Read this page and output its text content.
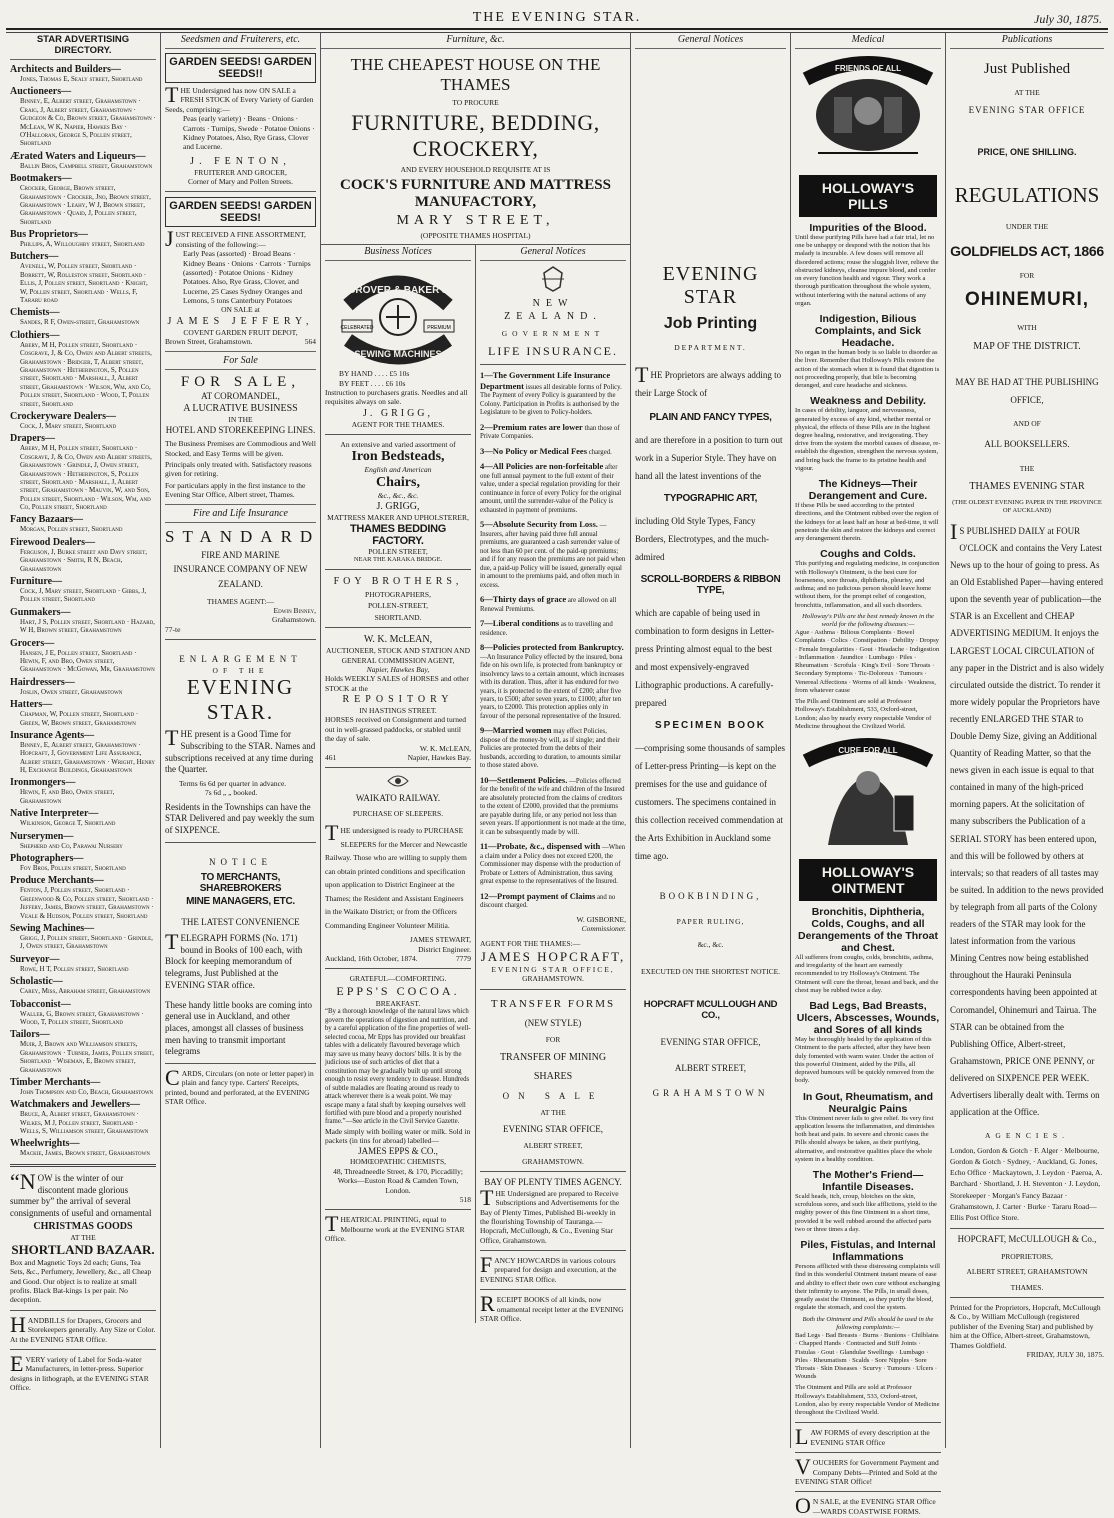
THE EVENING STAR.	July 30, 1875.
STAR ADVERTISING DIRECTORY.
Architects and Builders—
Jones, Thomas E, Sealy street, Shortland
Auctioneers—
Binney, E, Albert street, Grahamstown · Craig, J, Albert street, Grahamstown · Gudgeon & Co, Brown street, Grahamstown · McLean, W K, Napier, Hawkes Bay · O'Halloran, George S, Pollen street, Shortland
Ærated Waters and Liqueurs—
Ballin Bros, Campbell street, Grahamstown
Bootmakers—
Crocker, George, Brown street, Grahamstown · Crocker, Jno, Brown street, Grahamstown · Leahy, W J, Brown street, Grahamstown · Quaid, J, Pollen street, Shortland
Bus Proprietors—
Phillips, A, Willoughby street, Shortland
Butchers—
Avenell, W, Pollen street, Shortland · Borrett, W, Rolleston street, Shortland · Ellis, J, Pollen street, Shortland · Knight, W, Pollen street, Shortland · Wells, F, Tararu road
Chemists—
Sandes, R F, Owen-street, Grahamstown
Clothiers—
Abery, M H, Pollen street, Shortland · Cosgrave, J, & Co, Owen and Albert streets, Grahamstown · Bridger, T, Albert street, Grahamstown · Hetherington, S, Pollen street, Shortland · Marshall, J, Albert street, Grahamstown · Wilson, Wm, and Co, Pollen street, Shortland · Wood, T, Pollen street, Shortland
Crockeryware Dealers—
Cock, J, Mary street, Shortland
Drapers—
Abery, M H, Pollen street, Shortland · Cosgrave, J, & Co, Owen and Albert streets, Grahamstown · Grindle, J, Owen street, Grahamstown · Hetherington, S, Pollen street, Shortland · Marshall, J, Albert street, Grahamstown · Mauvin, W, and Son, Pollen street, Shortland · Wilson, Wm, and Co, Pollen street, Shortland
Fancy Bazaars—
Morgan, Pollen street, Shortland
Firewood Dealers—
Ferguson, J, Burke street and Davy street, Grahamstown · Smith, R N, Beach, Grahamstown
Furniture—
Cock, J, Mary street, Shortland · Gibbs, J, Pollen street, Shortland
Gunmakers—
Hart, J S, Pollen street, Shortland · Hazard, W H, Brown street, Grahamstown
Grocers—
Hansen, J E, Pollen street, Shortland · Hewin, F, and Bro, Owen street, Grahamstown · McGowan, Mr, Grahamstown
Hairdressers—
Joslin, Owen street, Grahamstown
Hatters—
Chapman, W, Pollen street, Shortland · Green, W, Brown street, Grahamstown
Insurance Agents—
Binney, E, Albert street, Grahamstown · Hopcraft, J, Government Life Assurance, Albert street, Grahamstown · Wright, Henry H, Exchange Buildings, Grahamstown
Ironmongers—
Hewin, F, and Bro, Owen street, Grahamstown
Native Interpreter—
Wilkinson, George T, Shortland
Nurserymen—
Shepherd and Co, Parawai Nursery
Photographers—
Foy Bros, Pollen street, Shortland
Produce Merchants—
Fenton, J, Pollen street, Shortland · Greenwood & Co, Pollen street, Shortland · Jeffery, James, Brown street, Grahamstown · Veale & Hudson, Pollen street, Shortland
Sewing Machines—
Grigg, J, Pollen street, Shortland · Grindle, J, Owen street, Grahamstown
Surveyor—
Rowe, H T, Pollen street, Shortland
Scholastic—
Carey, Miss, Abraham street, Grahamstown
Tobacconist—
Waller, G, Brown street, Grahamstown · Wood, T, Pollen street, Shortland
Tailors—
Muir, J, Brown and Williamson streets, Grahamstown · Turner, James, Pollen street, Shortland · Wiseman, E, Brown street, Grahamstown
Timber Merchants—
John Thompson and Co, Beach, Grahamstown
Watchmakers and Jewellers—
Bruce, A, Albert street, Grahamstown · Wilkes, M J, Pollen street, Shortland · Wells, S, Williamson street, Grahamstown
Wheelwrights—
Mackie, James, Brown street, Grahamstown
“NOW is the winter of our discontent made glorious summer by” the arrival of several consignments of useful and ornamental
CHRISTMAS GOODS
AT THE
SHORTLAND BAZAAR.
Box and Magnetic Toys 2d each; Guns, Tea Sets, &c., Perfumery, Jewellery, &c., all Cheap and Good. Our object is to realize at small profits. Black Bat-kings 1s per pair. No deception.
HANDBILLS for Drapers, Grocers and Storekeepers generally. Any Size or Color. At the EVENING STAR Office.
EVERY variety of Label for Soda-water Manufacturers, in letter-press. Superior designs in lithograph, at the EVENING STAR Office.
Seedsmen and Fruiterers, etc.
GARDEN SEEDS! GARDEN SEEDS!!
THE Undersigned has now ON SALE a FRESH STOCK of Every Variety of Garden Seeds, comprising:—
Peas (early variety) · Beans · Onions · Carrots · Turnips, Swede · Potatoe Onions · Kidney Potatoes, Also, Rye Grass, Clover and Lucerne.
J. FENTON,
FRUITERER AND GROCER,
Corner of Mary and Pollen Streets.
GARDEN SEEDS! GARDEN SEEDS!
JUST RECEIVED A FINE ASSORTMENT, consisting of the following:—
Early Peas (assorted) · Broad Beans · Kidney Beans · Onions · Carrots · Turnips (assorted) · Potatoe Onions · Kidney Potatoes. Also, Rye Grass, Clover, and Lucerne, 25 Cases Sydney Oranges and Lemons, 5 tons Canterbury Potatoes
ON SALE at
JAMES JEFFERY,
COVENT GARDEN FRUIT DEPOT,
Brown Street, Grahamstown.	564
For Sale
FOR SALE,
AT COROMANDEL,
A LUCRATIVE BUSINESS
IN THE
HOTEL AND STOREKEEPING LINES.
The Business Premises are Commodious and Well Stocked, and Easy Terms will be given.
Principals only treated with. Satisfactory reasons given for retiring.
For particulars apply in the first instance to the Evening Star Office, Albert street, Thames.
Fire and Life Insurance
STANDARD
FIRE AND MARINE
INSURANCE COMPANY OF NEW
ZEALAND.
THAMES AGENT:—
Edwin Binney,
Grahamstown.
77-te
ENLARGEMENT
OF THE
EVENING STAR.
THE present is a Good Time for Subscribing to the STAR. Names and subscriptions received at any time during the Quarter.
Terms 6s 6d per quarter in advance.
7s 6d „ „ booked.
Residents in the Townships can have the STAR Delivered and pay weekly the sum of SIXPENCE.
NOTICE
TO MERCHANTS, SHAREBROKERS
MINE MANAGERS, ETC.
THE LATEST CONVENIENCE
TELEGRAPH FORMS (No. 171) bound in Books of 100 each, with Block for keeping memorandum of telegrams, Just Published at the EVENING STAR office.
These handy little books are coming into general use in Auckland, and other places, amongst all classes of business men having to transmit important telegrams
CARDS, Circulars (on note or letter paper) in plain and fancy type. Carters' Receipts, printed, bound and perforated, at the EVENING STAR Office.
Furniture, &c.
THE CHEAPEST HOUSE ON THE THAMES
TO PROCURE
FURNITURE, BEDDING, CROCKERY,
AND EVERY HOUSEHOLD REQUISITE AT IS
COCK'S FURNITURE AND MATTRESS
MANUFACTORY,
MARY STREET,
(OPPOSITE THAMES HOSPITAL)
Business Notices
GROVER & BAKER'S
CELEBRATED	PREMIUM
SEWING MACHINES
BY HAND . . . . £5 10s
BY FEET . . . . £6 10s
Instruction to purchasers gratis. Needles and all requisites always on sale.
J. GRIGG,
AGENT FOR THE THAMES.
An extensive and varied assortment of
Iron Bedsteads,
English and American
Chairs,
&c., &c., &c.
J. GRIGG,
MATTRESS MAKER AND UPHOLSTERER,
THAMES BEDDING FACTORY.
POLLEN STREET,
NEAR THE KARAKA BRIDGE.
FOY BROTHERS,
PHOTOGRAPHERS,
POLLEN-STREET,
SHORTLAND.
W. K. McLEAN,
AUCTIONEER, STOCK AND STATION AND GENERAL COMMISSION AGENT,
Napier, Hawkes Bay,
Holds WEEKLY SALES of HORSES and other STOCK at the
REPOSITORY
IN HASTINGS STREET.
HORSES received on Consignment and turned out in well-grassed paddocks, or stabled until the day of sale.
W. K. McLEAN,
461	Napier, Hawkes Bay.
WAIKATO RAILWAY.
PURCHASE OF SLEEPERS.
THE undersigned is ready to PURCHASE SLEEPERS for the Mercer and Newcastle Railway. Those who are willing to supply them can obtain printed conditions and specification upon application to District Engineer at the Thames; the Resident and Assistant Engineers in the Waikato District; or from the Officers Commanding Engineer Volunteer Militia.
JAMES STEWART,
District Engineer.
Auckland, 16th October, 1874.	7779
GRATEFUL—COMFORTING.
EPPS'S COCOA.
BREAKFAST.
“By a thorough knowledge of the natural laws which govern the operations of digestion and nutrition, and by a careful application of the fine properties of well-selected cocoa, Mr Epps has provided our breakfast tables with a delicately flavoured beverage which may save us many heavy doctors' bills. It is by the judicious use of such articles of diet that a constitution may be gradually built up until strong enough to resist every tendency to disease. Hundreds of subtle maladies are floating around us ready to attack wherever there is a weak point. We may escape many a fatal shaft by keeping ourselves well fortified with pure blood and a properly nourished frame.”—See article in the Civil Service Gazette.
Made simply with boiling water or milk. Sold in packets (in tins for abroad) labelled—
JAMES EPPS & CO.,
HOMŒOPATHIC CHEMISTS,
48, Threadneedle Street, & 170, Piccadilly; Works—Euston Road & Camden Town, London.
518
THEATRICAL PRINTING, equal to Melbourne work at the EVENING STAR Office.
General Notices
NEW ZEALAND.
GOVERNMENT
LIFE INSURANCE.
1—The Government Life Insurance Department issues all desirable forms of Policy. The Payment of every Policy is guaranteed by the Colony. Participation in Profits is authorised by the Legislature to be given to Policy-holders.
2—Premium rates are lower than those of Private Companies.
3—No Policy or Medical Fees charged.
4—All Policies are non-forfeitable after one full annual payment to the full extent of their value, under a special regulation providing for their continuance in force of every Policy for the original amount, until the surrender-value of the Policy is exhausted in payment of premiums.
5—Absolute Security from Loss. —Insurers, after having paid three full annual premiums, are guaranteed a cash surrender value of not less than 60 per cent. of the paid-up premiums; and if for any reason the premiums are not paid when due, a paid-up Policy will be issued, generally equal in amount to the premiums paid, and often much in excess.
6—Thirty days of grace are allowed on all Renewal Premiums.
7—Liberal conditions as to travelling and residence.
8—Policies protected from Bankruptcy. —An Insurance Policy effected by the insured, bona fide on his own life, is protected from bankruptcy or insolvency laws to a certain amount, which increases with its duration. Thus, after it has endured for two years, it is protected to the extent of £200; after five years, to £500; after seven years, to £1000; after ten years, to £2000. This protection applies only in favour of the personal representative of the Insured.
9—Married women may effect Policies, dispose of the money-by will, as if single; and their Policies are protected from the debts of their husbands, according to duration, to amounts similar to those stated above.
10—Settlement Policies. —Policies effected for the benefit of the wife and children of the Insured are absolutely protected from the claims of creditors to the extent of £2000, provided that the premiums are payable during life, or any period not less than seven years. If apportionment is not made at the time, it can be subsequently made by will.
11—Probate, &c., dispensed with —When a claim under a Policy does not exceed £200, the Commissioner may dispense with the production of Probate or Letters of Administration, thus saving great expense to the representatives of the Insured.
12—Prompt payment of Claims and no discount charged.
W. GISBORNE,
Commissioner.
AGENT FOR THE THAMES:—
JAMES HOPCRAFT,
EVENING STAR OFFICE,
GRAHAMSTOWN.
TRANSFER FORMS
(NEW STYLE)
FOR
TRANSFER OF MINING
SHARES
ON SALE
AT THE
EVENING STAR OFFICE,
ALBERT STREET,
GRAHAMSTOWN.
BAY OF PLENTY TIMES AGENCY.
THE Undersigned are prepared to Receive Subscriptions and Advertisements for the Bay of Plenty Times, Published Bi-weekly in the flourishing Township of Tauranga.—Hopcraft, McCullough, & Co., Evening Star Office, Grahamstown.
FANCY HOWCARDS in various colours prepared for design and execution, at the EVENING STAR Office.
RECEIPT BOOKS of all kinds, now ornamental receipt letter at the EVENING STAR Office.
General Notices
EVENING STAR
Job Printing
DEPARTMENT.
THE Proprietors are always adding to their Large Stock of
PLAIN AND FANCY TYPES,
and are therefore in a position to turn out work in a Superior Style. They have on hand all the latest inventions of the
TYPOGRAPHIC ART,
including Old Style Types, Fancy Borders, Electrotypes, and the much-admired
SCROLL-BORDERS & RIBBON TYPE,
which are capable of being used in combination to form designs in Letter-press Printing almost equal to the best and most expensively-engraved Lithographic productions. A carefully-prepared
SPECIMEN BOOK
—comprising some thousands of samples of Letter-press Printing—is kept on the premises for the use and guidance of customers. The specimens contained in this collection received commendation at the Arts Exhibition in Auckland some time ago.
BOOKBINDING,
PAPER RULING,
&c., &c.
EXECUTED ON THE SHORTEST NOTICE.
HOPCRAFT MCULLOUGH AND CO.,
EVENING STAR OFFICE,
ALBERT STREET,
GRAHAMSTOWN
Medical
FRIENDS OF ALL
HOLLOWAY'S PILLS
Impurities of the Blood.
Until these purifying Pills have had a fair trial, let no one be unhappy or despond with the notion that his malady is incurable. A few doses will remove all disordered actions; rouse the sluggish liver, relieve the obstructed kidneys, cleanse impure blood, and confer on every function health and vigour. They work a thorough purification throughout the whole system, without interfering with the natural actions of any organ.
Indigestion, Bilious Complaints, and Sick Headache.
No organ in the human body is so liable to disorder as the liver. Remember that Holloway's Pills restore the action of the stomach when it is found that digestion is not proceeding properly, that bile is becoming deranged, and cure headache and sickness.
Weakness and Debility.
In cases of debility, languor, and nervousness, generated by excess of any kind, whether mental or physical, the effects of these Pills are in the highest degree healing, restorative, and invigorating. They drive from the system the morbid causes of disease, re-establish the digestion, strengthen the nervous system, and bring back the frame to its pristine health and vigour.
The Kidneys—Their Derangement and Cure.
If these Pills be used according to the printed directions, and the Ointment rubbed over the region of the kidneys for at least half an hour at bed-time, it will penetrate the skin and restore the kidneys and correct any derangement therein.
Coughs and Colds.
This purifying and regulating medicine, in conjunction with Holloway's Ointment, is the best cure for hoarseness, sore throats, diphtheria, pleurisy, and asthma; and no judicious person should leave home without them, for the prompt relief of congestion, bronchitis, inflammation, and all such disorders.
Holloway's Pills are the best remedy known in the world for the following diseases:—
Ague · Asthma · Bilious Complaints · Bowel Complaints · Colics · Constipation · Debility · Dropsy · Female Irregularities · Gout · Headache · Indigestion · Inflammation · Jaundice · Lumbago · Piles · Rheumatism · Scrofula · King's Evil · Sore Throats · Secondary Symptoms · Tic-Doloreux · Tumours · Venereal Affections · Worms of all kinds · Weakness, from whatever cause
The Pills and Ointment are sold at Professor Holloway's Establishment, 533, Oxford-street, London; also by nearly every respectable Vendor of Medicine throughout the Civilized World.
CURE FOR ALL
HOLLOWAY'S OINTMENT
Bronchitis, Diphtheria, Colds, Coughs, and all Derangements of the Throat and Chest.
All sufferers from coughs, colds, bronchitis, asthma, and irregularity of the heart are earnestly recommended to try Holloway's Ointment. The Ointment will cure the throat, breast and back, and the chest may be rubbed twice a day.
Bad Legs, Bad Breasts, Ulcers, Abscesses, Wounds, and Sores of all kinds
May be thoroughly healed by the application of this Ointment to the parts affected, after they have been duly fomented with warm water. Under the action of this powerful Ointment, aided by the Pills, all depraved humours will be quickly removed from the body.
In Gout, Rheumatism, and Neuralgic Pains
This Ointment never fails to give relief. Its very first application lessens the inflammation, and diminishes both heat and pain. In severe and chronic cases the Pills should always be taken, as their purifying, alternative, and restorative qualities place the whole system in a healthy condition.
The Mother's Friend—Infantile Diseases.
Scald heads, itch, croup, blotches on the skin, scrofulous sores, and such like afflictions, yield to the mighty power of this fine Ointment in a short time, provided it be well rubbed around the affected parts two or three times a day.
Piles, Fistulas, and Internal Inflammations
Persons afflicted with these distressing complaints will find in this wonderful Ointment instant means of ease and ability to effect their own cure without exchanging their infirmity to anyone. The Pills, in small doses, greatly assist the Ointment, as they purify the blood, regulate the stomach, and cool the system.
Both the Ointment and Pills should be used in the following complaints:—
Bad Legs · Bad Breasts · Burns · Bunions · Chilblains · Chapped Hands · Contracted and Stiff Joints · Fistulas · Gout · Glandular Swellings · Lumbago · Piles · Rheumatism · Scalds · Sore Nipples · Sore Throats · Skin Diseases · Scurvy · Tumours · Ulcers · Wounds
The Ointment and Pills are sold at Professor Holloway's Establishment, 533, Oxford-street, London, also by every respectable Vendor of Medicine throughout the Civilized World.
LAW FORMS of every description at the EVENING STAR Office
VOUCHERS for Government Payment and Company Debts—Printed and Sold at the EVENING STAR Office!
ON SALE, at the EVENING STAR Office—WARDS COASTWISE FORMS.
Publications
Just Published
AT THE
EVENING STAR OFFICE
PRICE, ONE SHILLING.
REGULATIONS
UNDER THE
GOLDFIELDS ACT, 1866
FOR
OHINEMURI,
WITH
MAP OF THE DISTRICT.
MAY BE HAD AT THE PUBLISHING OFFICE,
AND OF
ALL BOOKSELLERS.
THE
THAMES EVENING STAR
(THE OLDEST EVENING PAPER IN THE PROVINCE OF AUCKLAND)
IS PUBLISHED DAILY at FOUR O'CLOCK and contains the Very Latest News up to the hour of going to press. As an Old Established Paper—having entered upon the seventh year of publication—the STAR is an Excellent and CHEAP ADVERTISING MEDIUM. It enjoys the LARGEST LOCAL CIRCULATION of any paper in the District and is also widely circulated outside the district. To render it more widely popular the Proprietors have recently ENLARGED THE STAR to Double Demy Size, giving an Additional Quantity of Reading Matter, so that the news given in each issue is equal to that contained in many of the high-priced morning papers. At the solicitation of many subscribers the Publication of a SERIAL STORY has been entered upon, and this will be followed by others at intervals; so that readers of all tastes may be suited. In addition to the news provided by telegraph from all parts of the Colony readers of the STAR may look for the latest information from the various Mining Centres now being established throughout the Hauraki Peninsula correspondents having been appointed at Coromandel, Ohinemuri and Tairua. The STAR can be obtained from the Publishing Office, Albert-street, Grahamstown, PRICE ONE PENNY, or delivered on SIXPENCE PER WEEK. Advertisers liberally dealt with. Terms on application at the Office.
AGENCIES.
London, Gordon & Gotch · F. Alger · Melbourne, Gordon & Gotch · Sydney, · Auckland, G. Jones, Echo Office · Mackaytown, J. Leydon · Paeroa, A. Barchard · Shortland, J. H. Steventon · J. Leydon, Storekeeper · Morgan's Fancy Bazaar · Grahamstown, J. Carter · Burke · Tararu Road—Ellis Post Office Store.
HOPCRAFT, McCULLOUGH & Co.,
PROPRIETORS,
ALBERT STREET, GRAHAMSTOWN
THAMES.
Printed for the Proprietors, Hopcraft, McCullough & Co., by William McCullough (registered publisher of the Evening Star) and published by him at the Office, Albert-street, Grahamstown, Thames Goldfield.
FRIDAY, JULY 30, 1875.
